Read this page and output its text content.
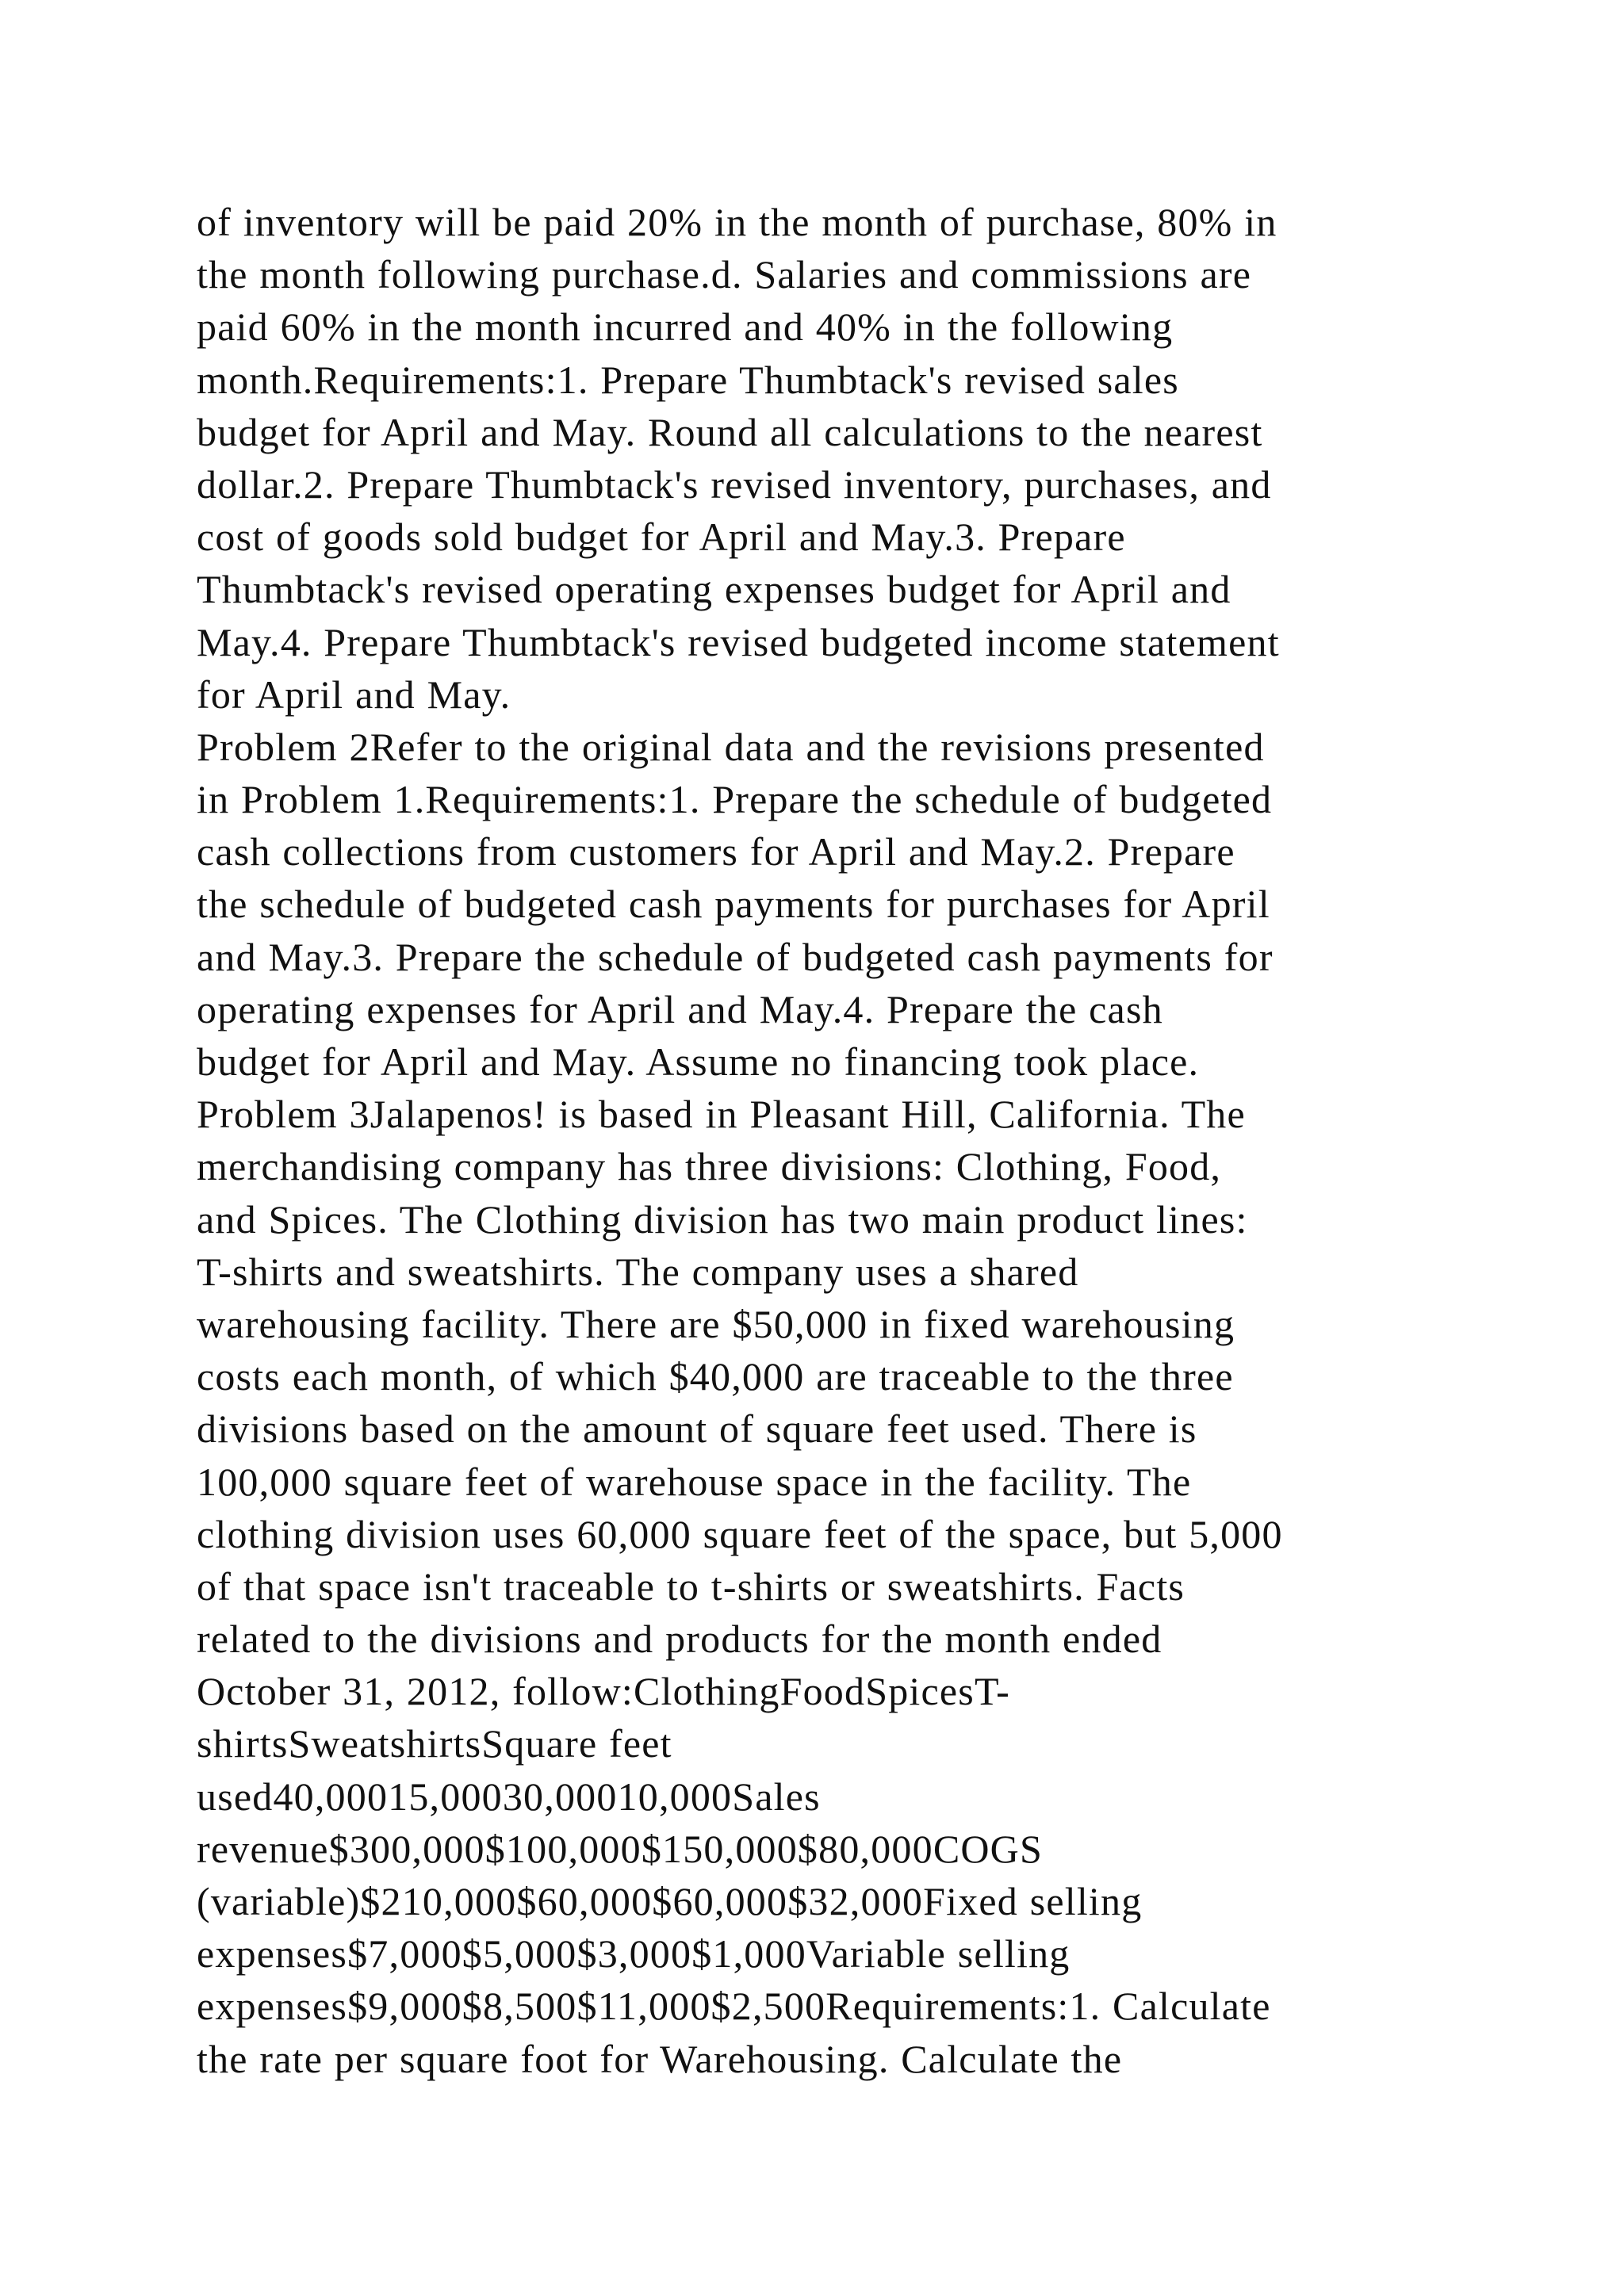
of inventory will be paid 20% in the month of purchase, 80% in
the month following purchase.d. Salaries and commissions are
paid 60% in the month incurred and 40% in the following
month.Requirements:1. Prepare Thumbtack's revised sales
budget for April and May. Round all calculations to the nearest
dollar.2. Prepare Thumbtack's revised inventory, purchases, and
cost of goods sold budget for April and May.3. Prepare
Thumbtack's revised operating expenses budget for April and
May.4. Prepare Thumbtack's revised budgeted income statement
for April and May.
Problem 2Refer to the original data and the revisions presented
in Problem 1.Requirements:1. Prepare the schedule of budgeted
cash collections from customers for April and May.2. Prepare
the schedule of budgeted cash payments for purchases for April
and May.3. Prepare the schedule of budgeted cash payments for
operating expenses for April and May.4. Prepare the cash
budget for April and May. Assume no financing took place.
Problem 3Jalapenos! is based in Pleasant Hill, California. The
merchandising company has three divisions: Clothing, Food,
and Spices. The Clothing division has two main product lines:
T-shirts and sweatshirts. The company uses a shared
warehousing facility. There are $50,000 in fixed warehousing
costs each month, of which $40,000 are traceable to the three
divisions based on the amount of square feet used. There is
100,000 square feet of warehouse space in the facility. The
clothing division uses 60,000 square feet of the space, but 5,000
of that space isn't traceable to t-shirts or sweatshirts. Facts
related to the divisions and products for the month ended
October 31, 2012, follow:ClothingFoodSpicesT-
shirtsSweatshirtsSquare feet
used40,00015,00030,00010,000Sales
revenue$300,000$100,000$150,000$80,000COGS
(variable)$210,000$60,000$60,000$32,000Fixed selling
expenses$7,000$5,000$3,000$1,000Variable selling
expenses$9,000$8,500$11,000$2,500Requirements:1. Calculate
the rate per square foot for Warehousing. Calculate the
